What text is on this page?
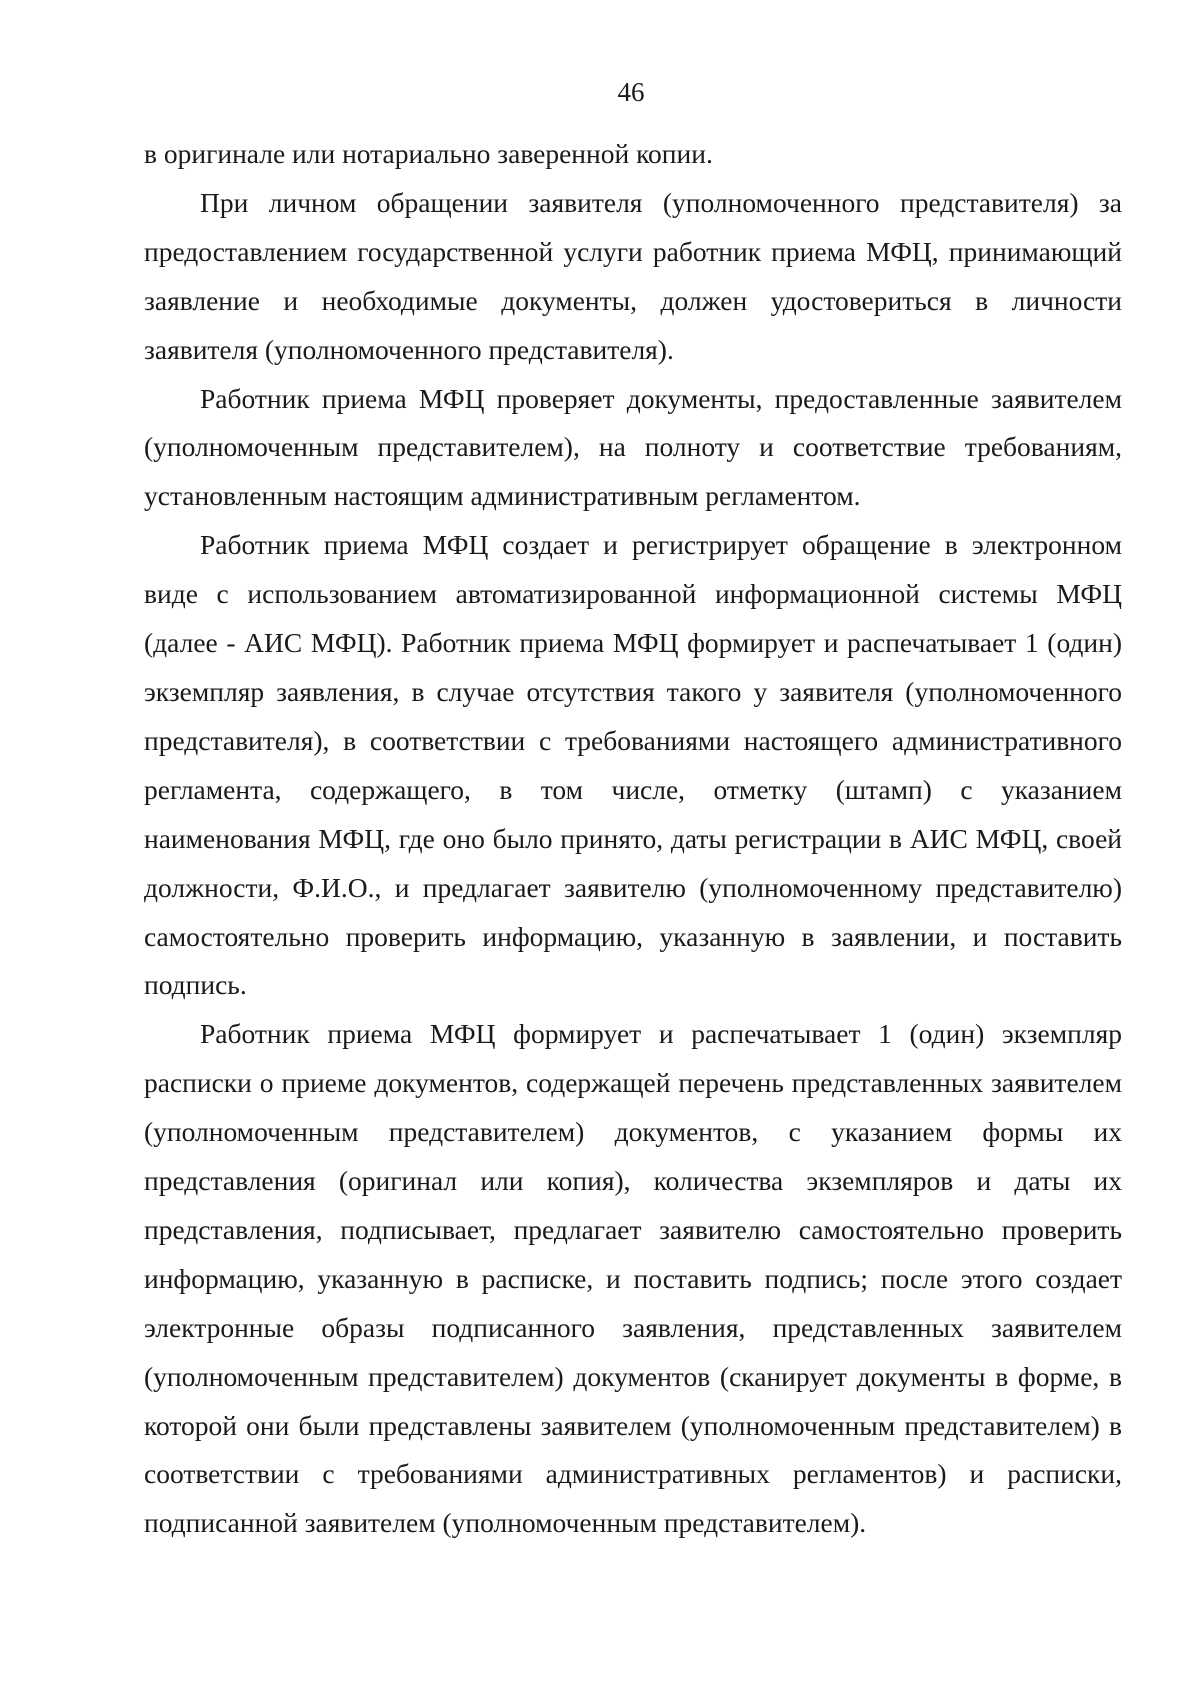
46

в оригинале или нотариально заверенной копии.

При личном обращении заявителя (уполномоченного представителя) за предоставлением государственной услуги работник приема МФЦ, принимающий заявление и необходимые документы, должен удостовериться в личности заявителя (уполномоченного представителя).

Работник приема МФЦ проверяет документы, предоставленные заявителем (уполномоченным представителем), на полноту и соответствие требованиям, установленным настоящим административным регламентом.

Работник приема МФЦ создает и регистрирует обращение в электронном виде с использованием автоматизированной информационной системы МФЦ (далее - АИС МФЦ). Работник приема МФЦ формирует и распечатывает 1 (один) экземпляр заявления, в случае отсутствия такого у заявителя (уполномоченного представителя), в соответствии с требованиями настоящего административного регламента, содержащего, в том числе, отметку (штамп) с указанием наименования МФЦ, где оно было принято, даты регистрации в АИС МФЦ, своей должности, Ф.И.О., и предлагает заявителю (уполномоченному представителю) самостоятельно проверить информацию, указанную в заявлении, и поставить подпись.

Работник приема МФЦ формирует и распечатывает 1 (один) экземпляр расписки о приеме документов, содержащей перечень представленных заявителем (уполномоченным представителем) документов, с указанием формы их представления (оригинал или копия), количества экземпляров и даты их представления, подписывает, предлагает заявителю самостоятельно проверить информацию, указанную в расписке, и поставить подпись; после этого создает электронные образы подписанного заявления, представленных заявителем (уполномоченным представителем) документов (сканирует документы в форме, в которой они были представлены заявителем (уполномоченным представителем) в соответствии с требованиями административных регламентов) и расписки, подписанной заявителем (уполномоченным представителем).
